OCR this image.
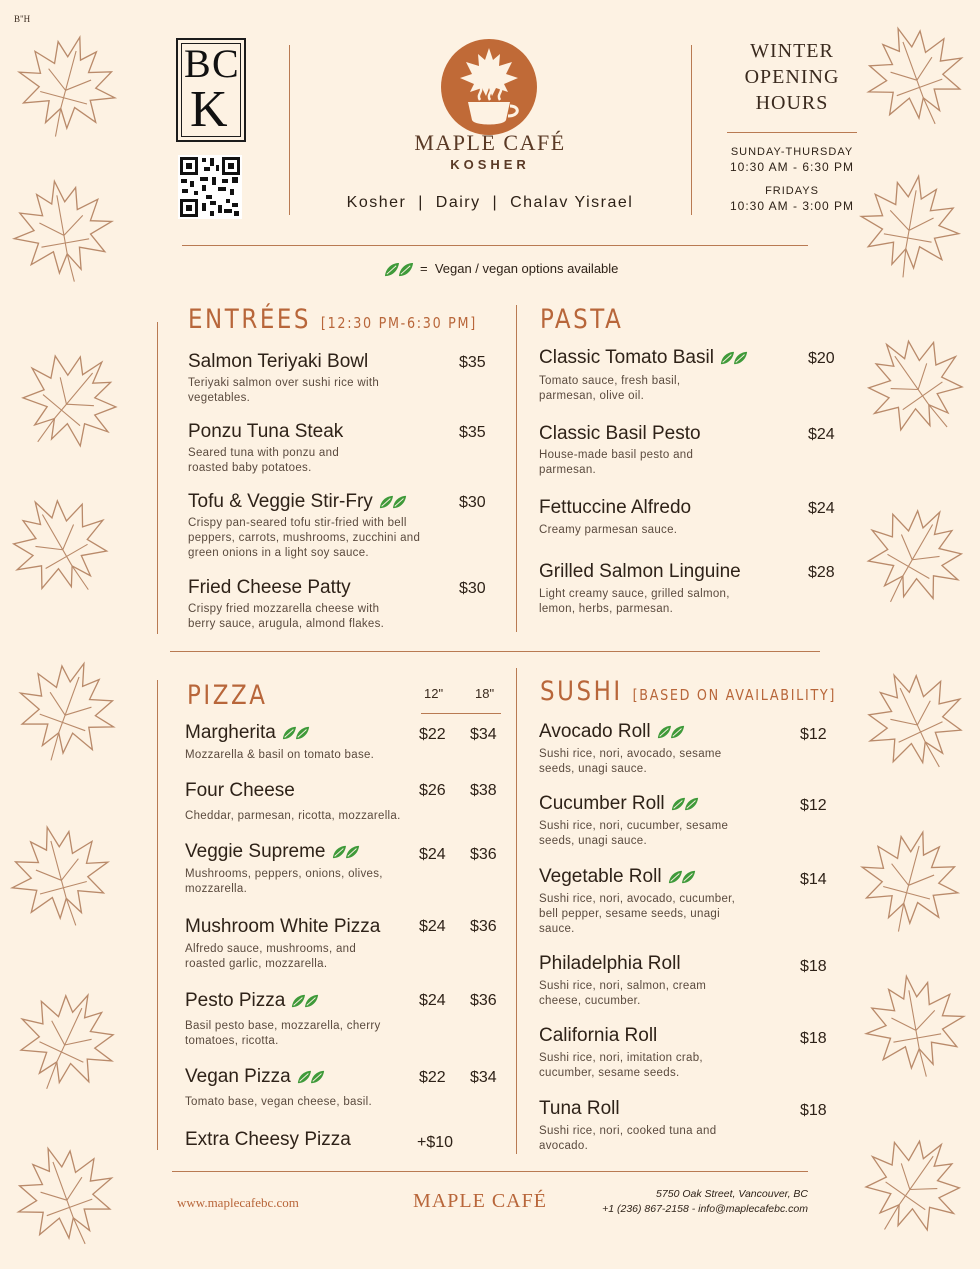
B"H
B C
K
MAPLE CAFÉ
KOSHER
Kosher  |  Dairy  |  Chalav Yisrael
WINTER
OPENING
HOURS
SUNDAY-THURSDAY
10:30 AM - 6:30 PM
FRIDAYS
10:30 AM - 3:00 PM
=  Vegan / vegan options available
ENTRÉES [12:30 PM-6:30 PM]
Salmon Teriyaki Bowl	$35
Teriyaki salmon over sushi rice with
vegetables.
Ponzu Tuna Steak	$35
Seared tuna with ponzu and
roasted baby potatoes.
Tofu & Veggie Stir-Fry	$30
Crispy pan-seared tofu stir-fried with bell
peppers, carrots, mushrooms, zucchini and
green onions in a light soy sauce.
Fried Cheese Patty	$30
Crispy fried mozzarella cheese with
berry sauce, arugula, almond flakes.
PASTA
Classic Tomato Basil	$20
Tomato sauce, fresh basil,
parmesan, olive oil.
Classic Basil Pesto	$24
House-made basil pesto and
parmesan.
Fettuccine Alfredo	$24
Creamy parmesan sauce.
Grilled Salmon Linguine	$28
Light creamy sauce, grilled salmon,
lemon, herbs, parmesan.
PIZZA	12" 18"
Margherita	$22 $34
Mozzarella & basil on tomato base.
Four Cheese	$26 $38
Cheddar, parmesan, ricotta, mozzarella.
Veggie Supreme	$24 $36
Mushrooms, peppers, onions, olives,
mozzarella.
Mushroom White Pizza $24 $36
Alfredo sauce, mushrooms, and
roasted garlic, mozzarella.
Pesto Pizza	$24 $36
Basil pesto base, mozzarella, cherry
tomatoes, ricotta.
Vegan Pizza	$22 $34
Tomato base, vegan cheese, basil.
Extra Cheesy Pizza	+$10
SUSHI [BASED ON AVAILABILITY]
Avocado Roll	$12
Sushi rice, nori, avocado, sesame
seeds, unagi sauce.
Cucumber Roll	$12
Sushi rice, nori, cucumber, sesame
seeds, unagi sauce.
Vegetable Roll	$14
Sushi rice, nori, avocado, cucumber,
bell pepper, sesame seeds, unagi
sauce.
Philadelphia Roll	$18
Sushi rice, nori, salmon, cream
cheese, cucumber.
California Roll	$18
Sushi rice, nori, imitation crab,
cucumber, sesame seeds.
Tuna Roll	$18
Sushi rice, nori, cooked tuna and
avocado.
www.maplecafebc.com	MAPLE CAFÉ	5750 Oak Street, Vancouver, BC
+1 (236) 867-2158 - info@maplecafebc.com
